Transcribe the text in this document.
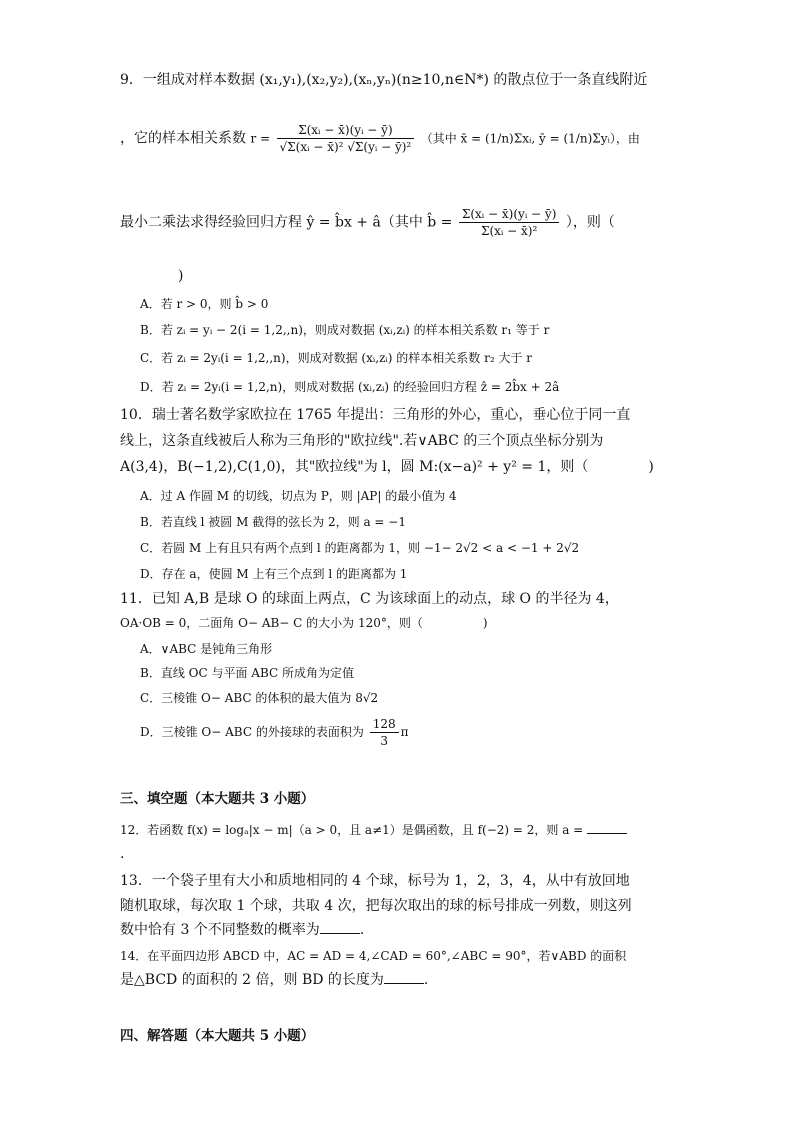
9．一组成对样本数据 (x₁,y₁),(x₂,y₂),(xₙ,yₙ)(n≥10,n∈N*) 的散点位于一条直线附近
，它的样本相关系数 $r = \frac{\text{Σ(xᵢ − x̄)(yᵢ − ȳ)}}{\text{√Σ(xᵢ − x̄)² √Σ(yᵢ − ȳ)²}}$ （其中 x̄ = (1/n)Σxᵢ, ȳ = (1/n)Σyᵢ），由
最小二乘法求得经验回归方程 ŷ = b̂x + â（其中 b̂ = $\frac{\text{Σ(xᵢ − x̄)(yᵢ − ȳ)}}{\text{Σ(xᵢ − x̄)²}}$ ），则（
)
A．若 r > 0，则 b̂ > 0
B．若 zᵢ = yᵢ − 2(i = 1,2,,n)，则成对数据 (xᵢ,zᵢ) 的样本相关系数 r₁ 等于 r
C．若 zᵢ = 2yᵢ(i = 1,2,,n)，则成对数据 (xᵢ,zᵢ) 的样本相关系数 r₂ 大于 r
D．若 zᵢ = 2yᵢ(i = 1,2,n)，则成对数据 (xᵢ,zᵢ) 的经验回归方程 ẑ = 2b̂x + 2â
10．瑞士著名数学家欧拉在 1765 年提出：三角形的外心，重心，垂心位于同一直
线上，这条直线被后人称为三角形的"欧拉线".若∨ABC 的三个顶点坐标分别为
A(3,4)，B(−1,2),C(1,0)，其"欧拉线"为 l，圆 M:(x−a)² + y² = 1，则（	)
A．过 A 作圆 M 的切线，切点为 P，则 |AP| 的最小值为 4
B．若直线 l 被圆 M 截得的弦长为 2，则 a = −1
C．若圆 M 上有且只有两个点到 l 的距离都为 1，则 −1− 2√2 < a < −1 + 2√2
D．存在 a，使圆 M 上有三个点到 l 的距离都为 1
11．已知 A,B 是球 O 的球面上两点，C 为该球面上的动点，球 O 的半径为 4，
OA·OB = 0，二面角 O− AB− C 的大小为 120°，则（	)
A．∨ABC 是钝角三角形
B．直线 OC 与平面 ABC 所成角为定值
C．三棱锥 O− ABC 的体积的最大值为 8√2
D．三棱锥 O− ABC 的外接球的表面积为 $\frac{128}{3}$ π
三、填空题（本大题共 3 小题）
12．若函数 f(x) = logₐ|x − m|（a > 0，且 a≠1）是偶函数，且 f(−2) = 2，则 a =
.
13．一个袋子里有大小和质地相同的 4 个球，标号为 1，2，3，4，从中有放回地
随机取球，每次取 1 个球，共取 4 次，把每次取出的球的标号排成一列数，则这列
数中恰有 3 个不同整数的概率为	.
14．在平面四边形 ABCD 中，AC = AD = 4,∠CAD = 60°,∠ABC = 90°，若∨ABD 的面积
是△BCD 的面积的 2 倍，则 BD 的长度为	.
四、解答题（本大题共 5 小题）
